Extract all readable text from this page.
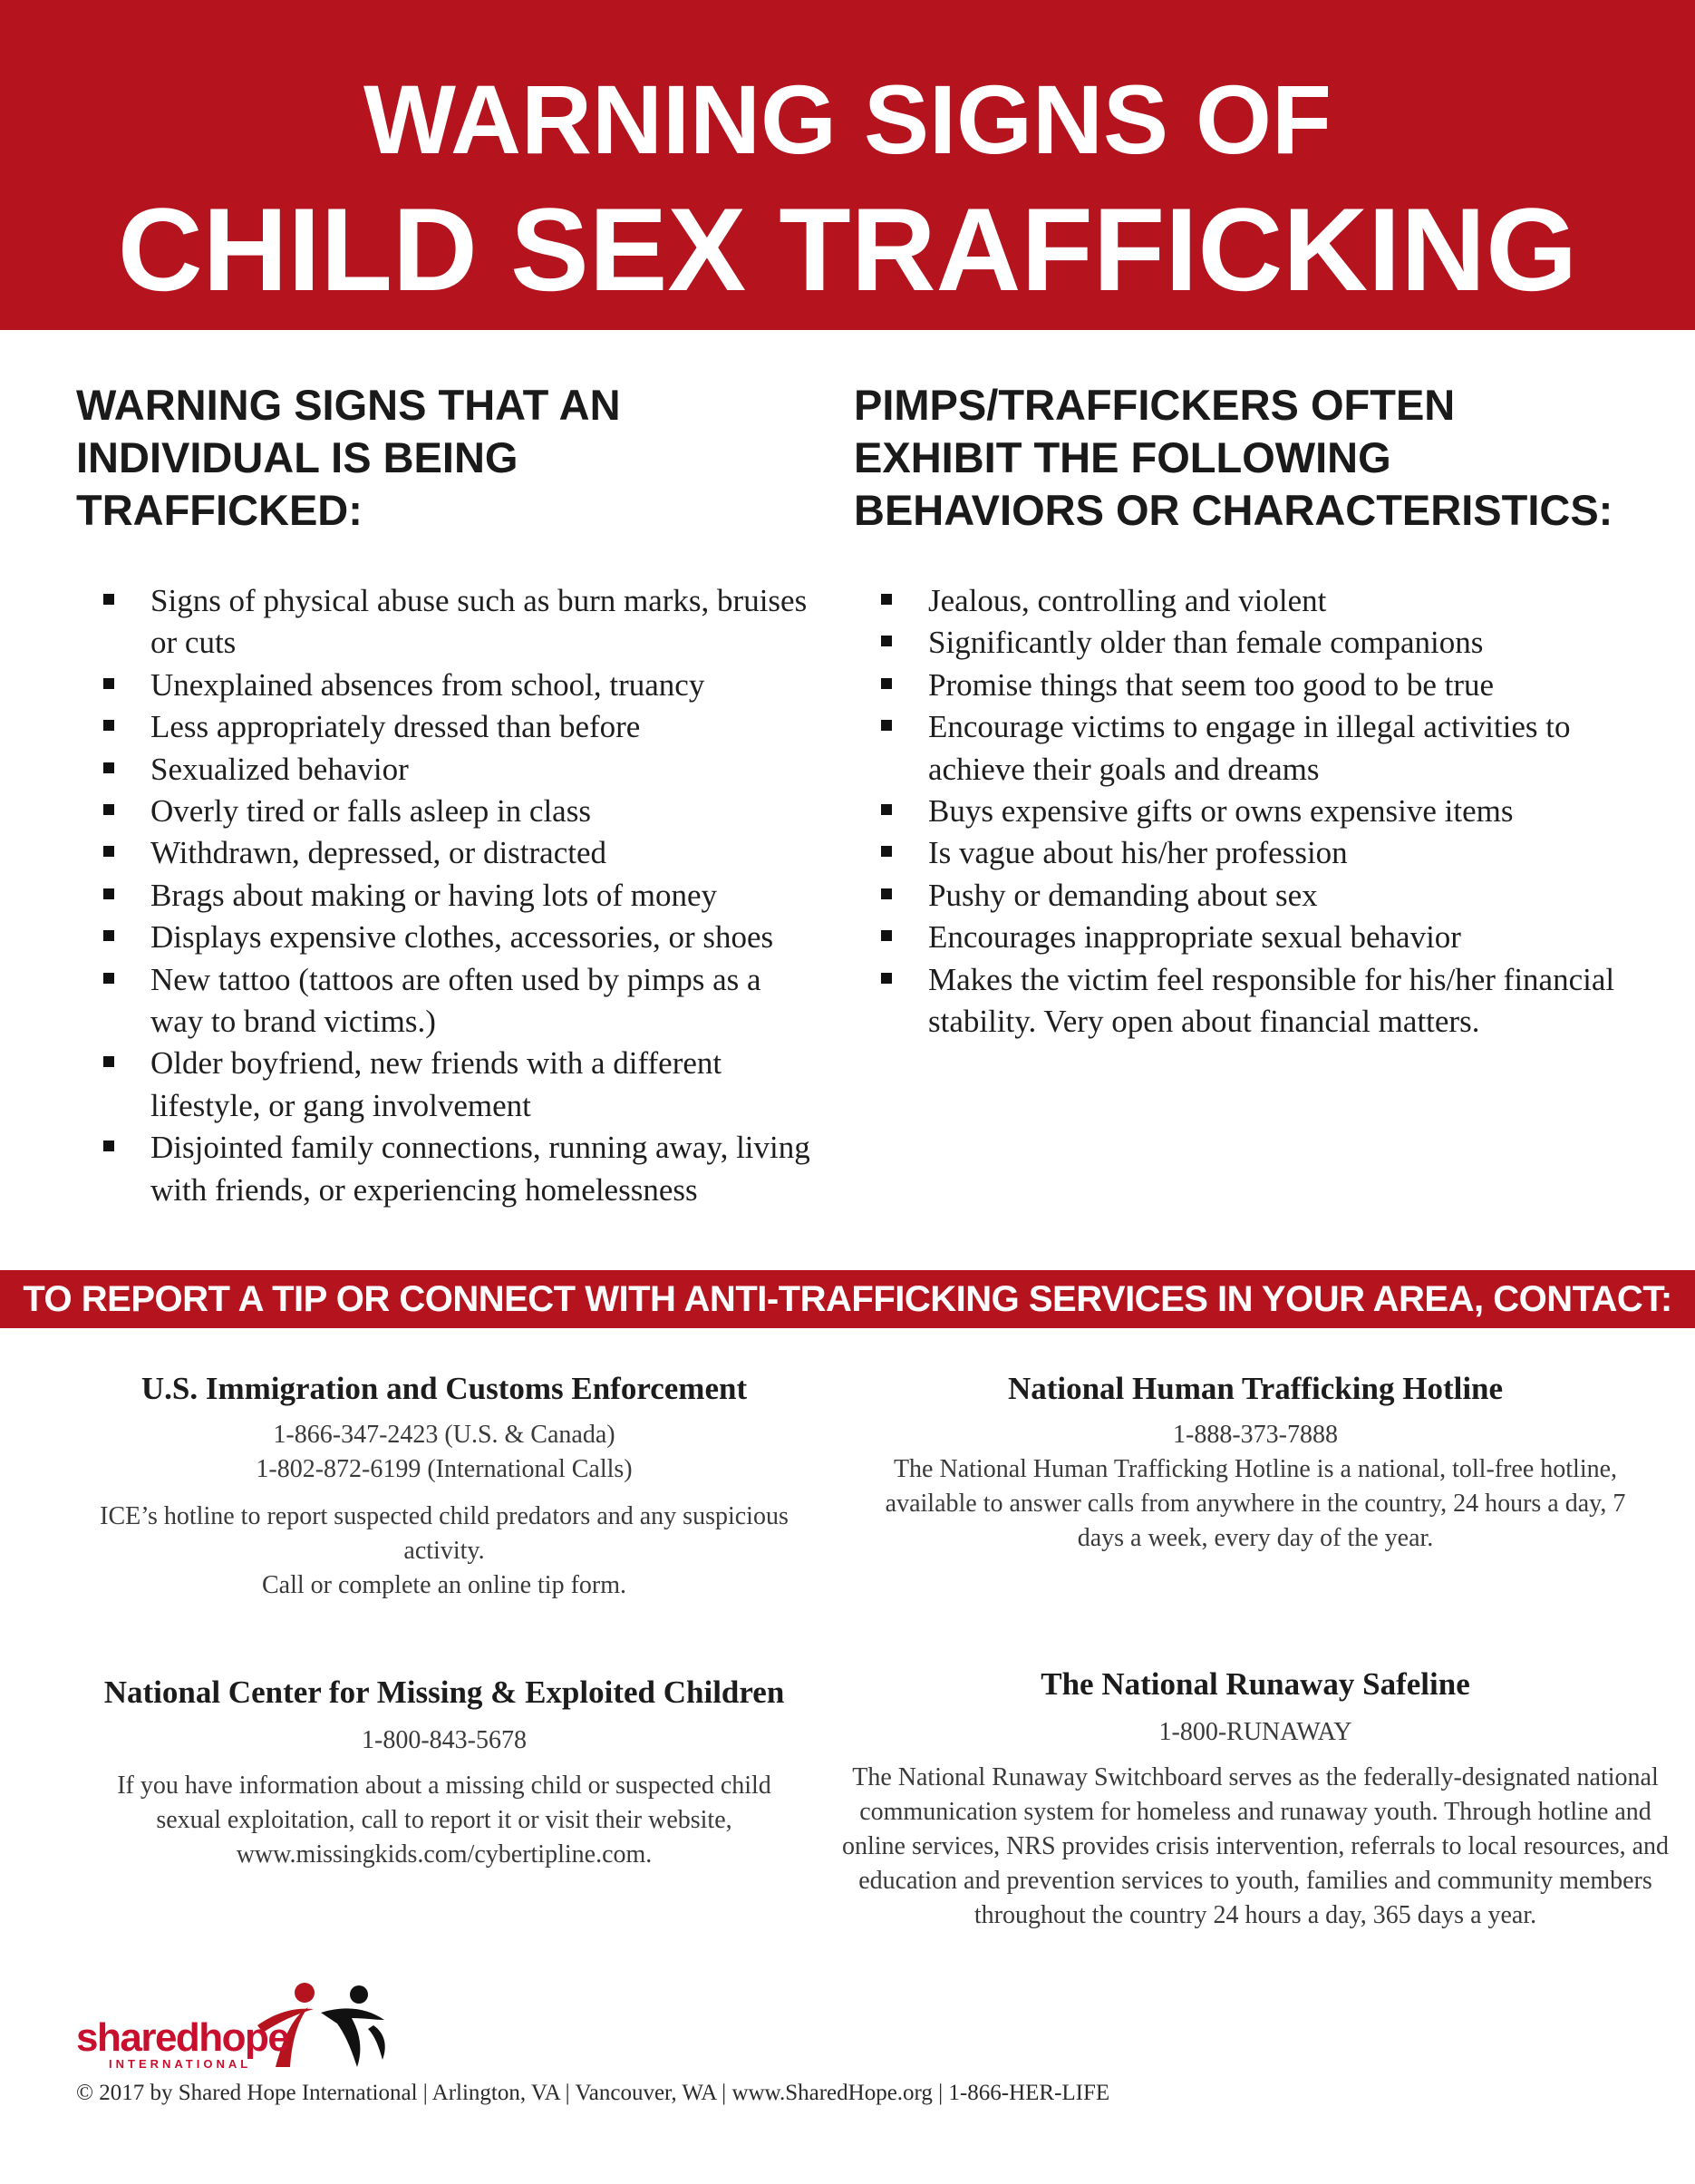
WARNING SIGNS OF
CHILD SEX TRAFFICKING
WARNING SIGNS THAT AN INDIVIDUAL IS BEING TRAFFICKED:
Signs of physical abuse such as burn marks, bruises or cuts
Unexplained absences from school, truancy
Less appropriately dressed than before
Sexualized behavior
Overly tired or falls asleep in class
Withdrawn, depressed, or distracted
Brags about making or having lots of money
Displays expensive clothes, accessories, or shoes
New tattoo (tattoos are often used by pimps as a way to brand victims.)
Older boyfriend, new friends with a different lifestyle, or gang involvement
Disjointed family connections, running away, living with friends, or experiencing homelessness
PIMPS/TRAFFICKERS OFTEN EXHIBIT THE FOLLOWING BEHAVIORS OR CHARACTERISTICS:
Jealous, controlling and violent
Significantly older than female companions
Promise things that seem too good to be true
Encourage victims to engage in illegal activities to achieve their goals and dreams
Buys expensive gifts or owns expensive items
Is vague about his/her profession
Pushy or demanding about sex
Encourages inappropriate sexual behavior
Makes the victim feel responsible for his/her financial stability. Very open about financial matters.
TO REPORT A TIP OR CONNECT WITH ANTI-TRAFFICKING SERVICES IN YOUR AREA, CONTACT:
U.S. Immigration and Customs Enforcement

1-866-347-2423 (U.S. & Canada)

1-802-872-6199 (International Calls)

ICE’s hotline to report suspected child predators and any suspicious activity.

Call or complete an online tip form.

National Human Trafficking Hotline

1-888-373-7888

The National Human Trafficking Hotline is a national, toll-free hotline, available to answer calls from anywhere in the country, 24 hours a day, 7 days a week, every day of the year.

National Center for Missing & Exploited Children

1-800-843-5678

If you have information about a missing child or suspected child sexual exploitation, call to report it or visit their website, www.missingkids.com/cybertipline.com.

The National Runaway Safeline

1-800-RUNAWAY

The National Runaway Switchboard serves as the federally-designated national communication system for homeless and runaway youth. Through hotline and online services, NRS provides crisis intervention, referrals to local resources, and education and prevention services to youth, families and community members throughout the country 24 hours a day, 365 days a year.

sharedhope
INTERNATIONAL
© 2017 by Shared Hope International | Arlington, VA | Vancouver, WA | www.SharedHope.org | 1-866-HER-LIFE
